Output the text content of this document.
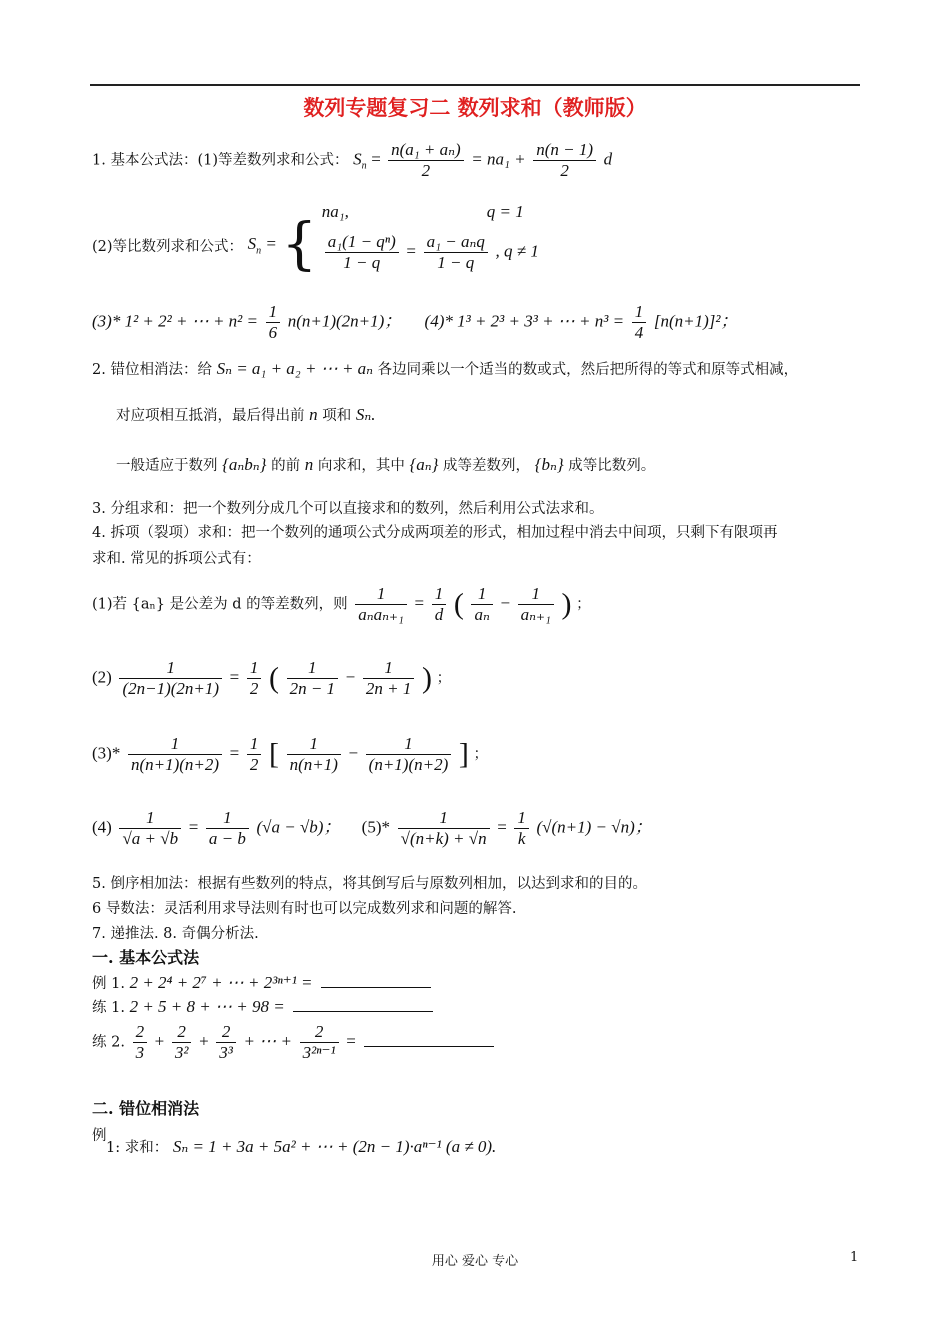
数列专题复习二 数列求和（教师版）
1. 基本公式法：(1)等差数列求和公式： $S_n = \frac{\text{n(a₁ + aₙ)}}{2} = na_1 + \frac{n(n - 1)}{2}$ d
(2)等比数列求和公式： $S_n$ = {
na₁,	q = 1
$\frac{\text{a₁(1 − qⁿ)}}{1 - q} = \frac{\text{a₁ − aₙq}}{1 - q}$ , q ≠ 1
(3)* 1² + 2² + ⋯ + $n^2 = \frac{1}{6} n(n+1)(2n+1)$； (4)* 1³ + 2³ + 3³ + ⋯ + $n^3 = \frac{1}{4} [n(n+1)]^2$；
2. 错位相消法：给 Sₙ = a₁ + a₂ + ⋯ + aₙ 各边同乘以一个适当的数或式，然后把所得的等式和原等式相减，
对应项相互抵消，最后得出前 n 项和 Sₙ.
一般适应于数列 {aₙbₙ} 的前 n 向求和，其中 {aₙ} 成等差数列， {bₙ} 成等比数列。
3. 分组求和：把一个数列分成几个可以直接求和的数列，然后利用公式法求和。
4. 拆项（裂项）求和：把一个数列的通项公式分成两项差的形式，相加过程中消去中间项，只剩下有限项再
求和. 常见的拆项公式有：
(1)若 {aₙ} 是公差为 d 的等差数列，则 $\frac{1}{\text{aₙaₙ₊₁}} = \frac{1}{d}$ ( $\frac{1}{\text{aₙ}} - \frac{1}{\text{aₙ₊₁}}$ ) ；
$(2) \frac{1}{(2n-1)(2n+1)} = \frac{1}{2}$ ( $\frac{1}{2n - 1} - \frac{1}{2n + 1}$ ) ；
$(3)* \frac{1}{n(n+1)(n+2)} = \frac{1}{2}$ [ $\frac{1}{n(n+1)} - \frac{1}{(n+1)(n+2)}$ ] ；
$(4) \frac{1}{√a + √b} = \frac{1}{a - b} (√a - √b)$； $(5)* \frac{1}{√(n+k) + √n} = \frac{1}{k} (√(n+1) - √n)$；
5. 倒序相加法：根据有些数列的特点，将其倒写后与原数列相加，以达到求和的目的。
6 导数法：灵活利用求导法则有时也可以完成数列求和问题的解答.
7. 递推法. 8. 奇偶分析法.
一. 基本公式法
例 1. 2 + 2⁴ + 2⁷ + ⋯ + 2³ⁿ⁺¹ =
练 1. 2 + 5 + 8 + ⋯ + 98 =
练 2. $\frac{2}{3} + \frac{2}{\text{3²}} + \frac{2}{\text{3³}}$ + ⋯ + $\frac{2}{\text{3²ⁿ⁻¹}}$ =
二. 错位相消法
例
1: 求和： Sₙ = 1 + 3a + 5a² + ⋯ + (2n − 1)·aⁿ⁻¹ (a ≠ 0).
用心 爱心 专心	1
